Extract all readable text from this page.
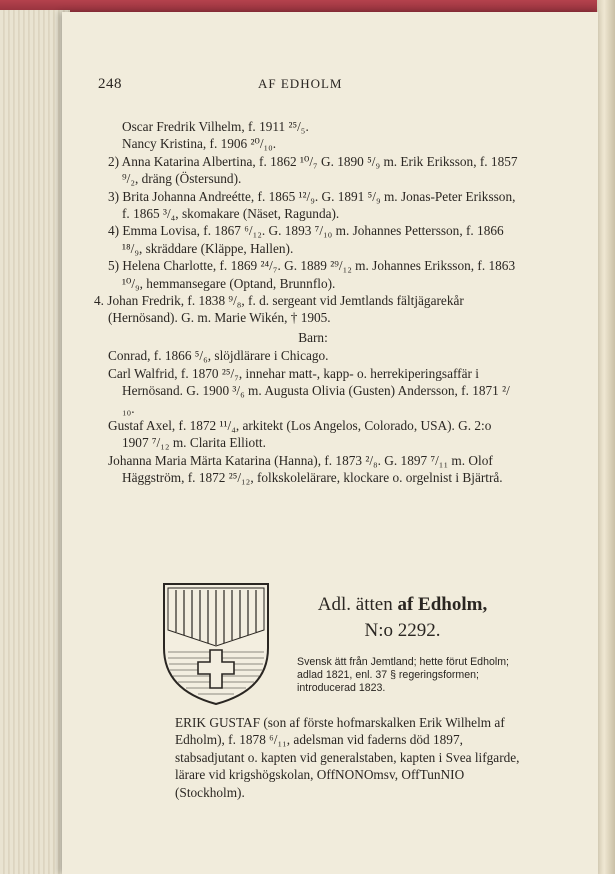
248	AF EDHOLM

Oscar Fredrik Vilhelm, f. 1911 ²⁵/₅.

Nancy Kristina, f. 1906 ²⁰/₁₀.

2) Anna Katarina Albertina, f. 1862 ¹⁰/₇ G. 1890 ⁵/₉ m. Erik Eriksson, f. 1857 ⁹/₂, dräng (Östersund).

3) Brita Johanna Andreétte, f. 1865 ¹²/₉. G. 1891 ⁵/₉ m. Jonas-Peter Eriksson, f. 1865 ³/₄, skomakare (Näset, Ragunda).

4) Emma Lovisa, f. 1867 ⁶/₁₂. G. 1893 ⁷/₁₀ m. Johannes Pettersson, f. 1866 ¹⁸/₉, skräddare (Kläppe, Hallen).

5) Helena Charlotte, f. 1869 ²⁴/₇. G. 1889 ²⁹/₁₂ m. Johannes Eriksson, f. 1863 ¹⁰/₉, hemmansegare (Optand, Brunnflo).

4. Johan Fredrik, f. 1838 ⁹/₈, f. d. sergeant vid Jemtlands fältjägarekår (Hernösand). G. m. Marie Wikén, † 1905.

Barn:

Conrad, f. 1866 ⁵/₆, slöjdlärare i Chicago.

Carl Walfrid, f. 1870 ²⁵/₇, innehar matt-, kapp- o. herrekiperingsaffär i Hernösand. G. 1900 ³/₆ m. Augusta Olivia (Gusten) Andersson, f. 1871 ²/₁₀.

Gustaf Axel, f. 1872 ¹¹/₄, arkitekt (Los Angelos, Colorado, USA). G. 2:o 1907 ⁷/₁₂ m. Clarita Elliott.

Johanna Maria Märta Katarina (Hanna), f. 1873 ²/₈. G. 1897 ⁷/₁₁ m. Olof Häggström, f. 1872 ²⁵/₁₂, folkskolelärare, klockare o. orgelnist i Bjärtrå.

Adl. ätten af Edholm,
N:o 2292.
Svensk ätt från Jemtland; hette förut Edholm; adlad 1821, enl. 37 § regeringsformen; introducerad 1823.
ERIK GUSTAF (son af förste hofmarskalken Erik Wilhelm af Edholm), f. 1878 ⁶/₁₁, adelsman vid faderns död 1897, stabsadjutant o. kapten vid generalstaben, kapten i Svea lifgarde, lärare vid krigshögskolan, OffNONOmsv, OffTunNIO (Stockholm).
